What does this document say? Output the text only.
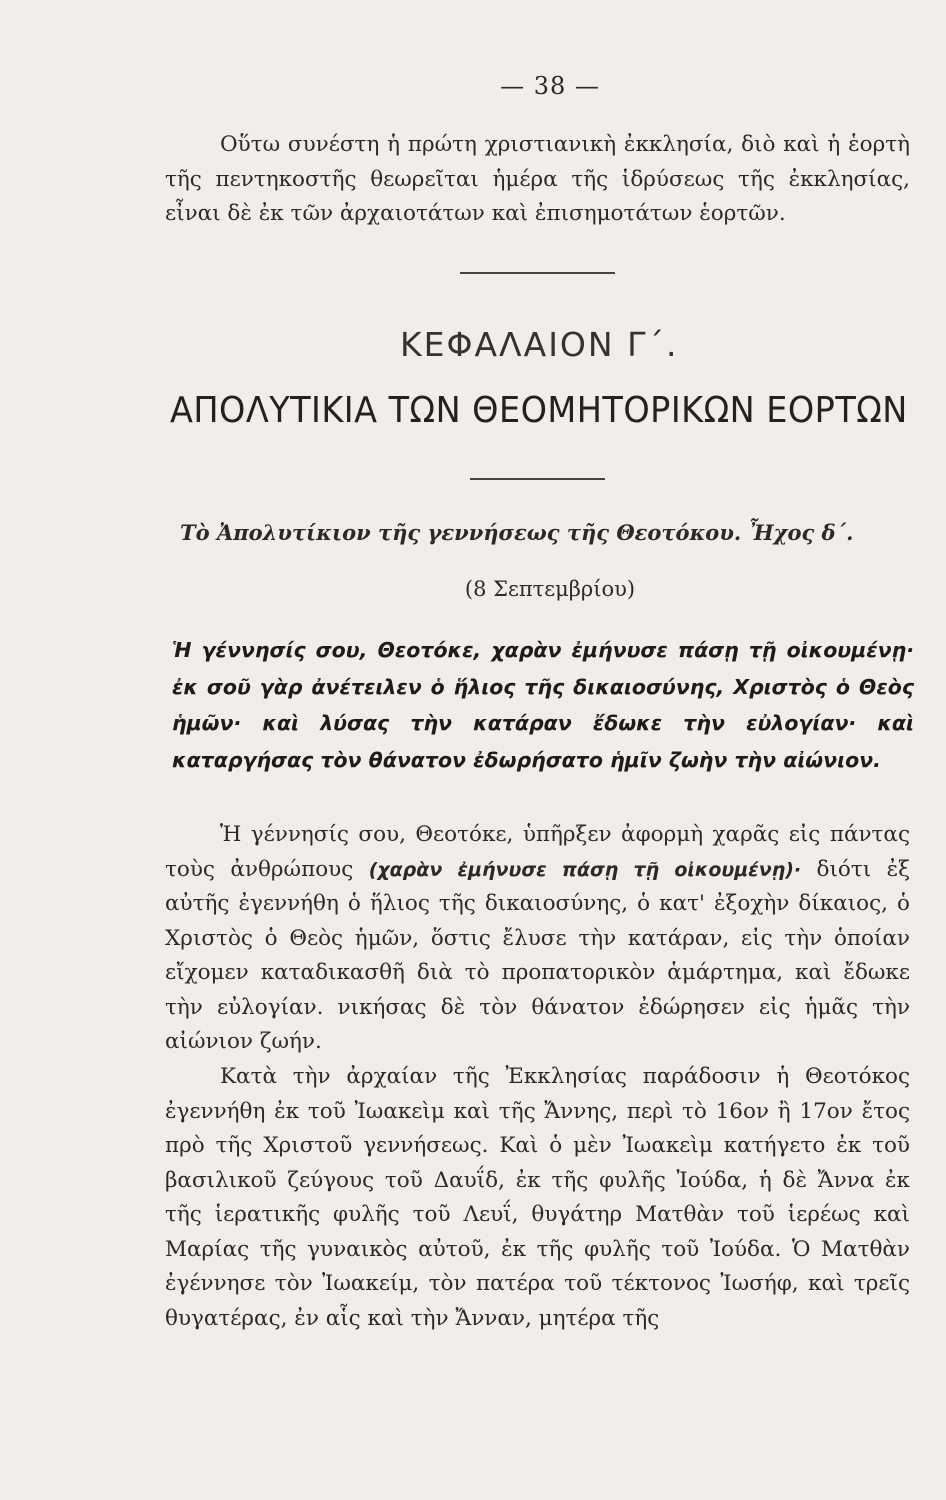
— 38 —

Οὕτω συνέστη ἡ πρώτη χριστιανικὴ ἐκκλησία, διὸ καὶ ἡ ἑορτὴ τῆς πεντηκοστῆς θεωρεῖται ἡμέρα τῆς ἱδρύσεως τῆς ἐκκλησίας, εἶναι δὲ ἐκ τῶν ἀρχαιοτάτων καὶ ἐπισημοτάτων ἑορτῶν.

ΚΕΦΑΛΑΙΟΝ Γ΄.
ΑΠΟΛΥΤΙΚΙΑ ΤΩΝ ΘΕΟΜΗΤΟΡΙΚΩΝ ΕΟΡΤΩΝ
Τὸ Ἀπολυτίκιον τῆς γεννήσεως τῆς Θεοτόκου. Ἦχος δ΄.
(8 Σεπτεμβρίου)
Ἡ γέννησίς σου, Θεοτόκε, χαρὰν ἐμήνυσε πάσῃ τῇ οἰκουμένῃ· ἐκ σοῦ γὰρ ἀνέτειλεν ὁ ἥλιος τῆς δικαιοσύνης, Χριστὸς ὁ Θεὸς ἡμῶν· καὶ λύσας τὴν κατάραν ἔδωκε τὴν εὐλογίαν· καὶ καταργήσας τὸν θάνατον ἐδωρήσατο ἡμῖν ζωὴν τὴν αἰώνιον.

Ἡ γέννησίς σου, Θεοτόκε, ὑπῆρξεν ἀφορμὴ χαρᾶς εἰς πάντας τοὺς ἀνθρώπους (χαρὰν ἐμήνυσε πάσῃ τῇ οἰκουμένῃ)· διότι ἐξ αὐτῆς ἐγεννήθη ὁ ἥλιος τῆς δικαιοσύνης, ὁ κατ' ἐξοχὴν δίκαιος, ὁ Χριστὸς ὁ Θεὸς ἡμῶν, ὅστις ἔλυσε τὴν κατάραν, εἰς τὴν ὁποίαν εἴχομεν καταδικασθῆ διὰ τὸ προπατορικὸν ἁμάρτημα, καὶ ἔδωκε τὴν εὐλογίαν. νικήσας δὲ τὸν θάνατον ἐδώρησεν εἰς ἡμᾶς τὴν αἰώνιον ζωήν.

Κατὰ τὴν ἀρχαίαν τῆς Ἐκκλησίας παράδοσιν ἡ Θεοτόκος ἐγεννήθη ἐκ τοῦ Ἰωακεὶμ καὶ τῆς Ἄννης, περὶ τὸ 16ον ἢ 17ον ἔτος πρὸ τῆς Χριστοῦ γεννήσεως. Καὶ ὁ μὲν Ἰωακεὶμ κατήγετο ἐκ τοῦ βασιλικοῦ ζεύγους τοῦ Δαυΐδ, ἐκ τῆς φυλῆς Ἰούδα, ἡ δὲ Ἄννα ἐκ τῆς ἱερατικῆς φυλῆς τοῦ Λευΐ, θυγάτηρ Ματθὰν τοῦ ἱερέως καὶ Μαρίας τῆς γυναικὸς αὐτοῦ, ἐκ τῆς φυλῆς τοῦ Ἰούδα. Ὁ Ματθὰν ἐγέννησε τὸν Ἰωακείμ, τὸν πατέρα τοῦ τέκτονος Ἰωσήφ, καὶ τρεῖς θυγατέρας, ἐν αἷς καὶ τὴν Ἄνναν, μητέρα τῆς
